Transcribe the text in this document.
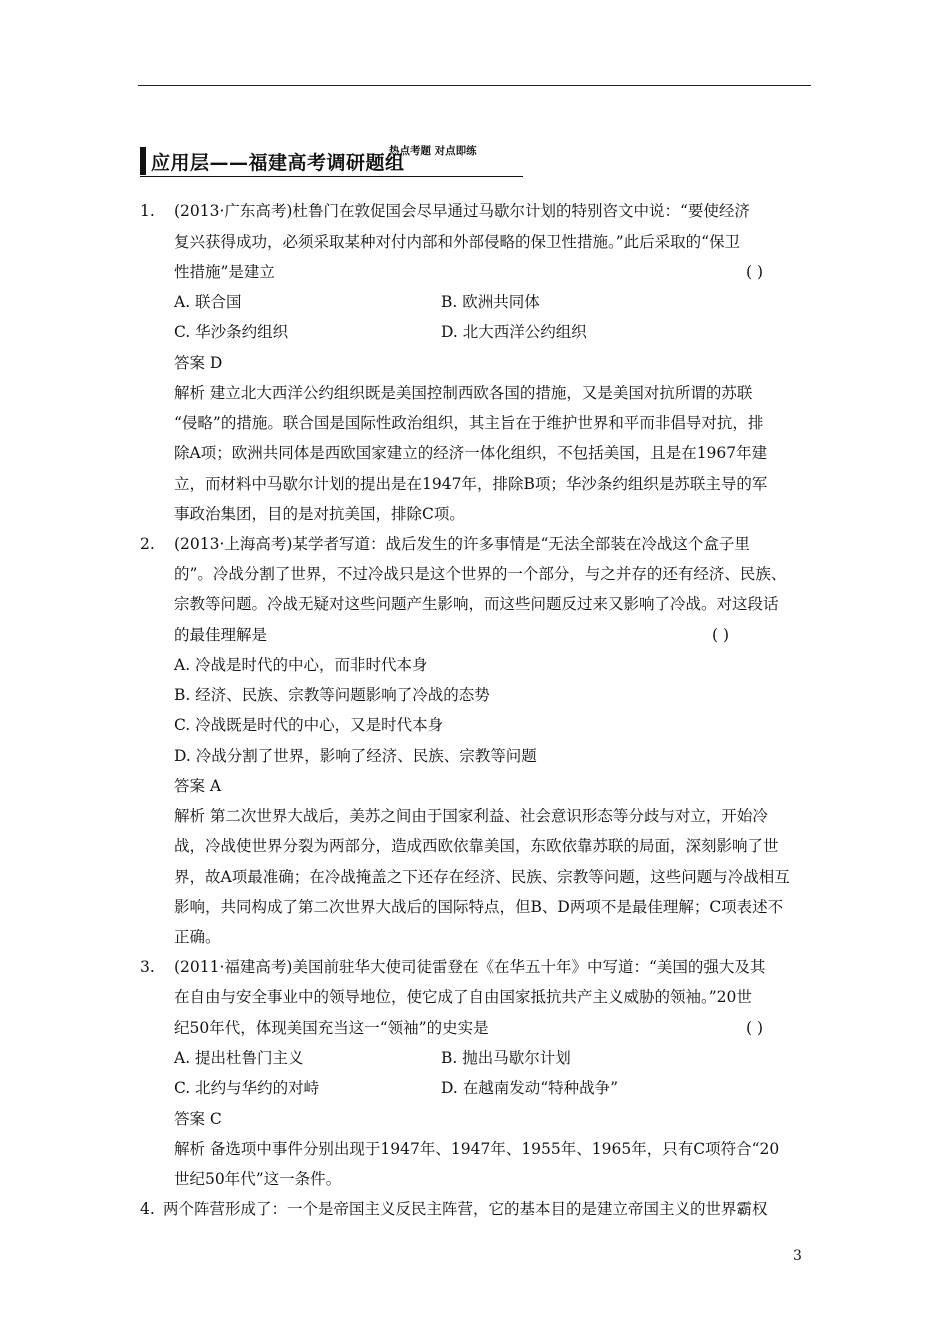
应用层——福建高考调研题组
热点考题 对点即练
1. (2013·广东高考)杜鲁门在敦促国会尽早通过马歇尔计划的特别咨文中说：“要使经济
复兴获得成功，必须采取某种对付内部和外部侵略的保卫性措施。”此后采取的“保卫
性措施”是建立	( )
A. 联合国	B. 欧洲共同体
C. 华沙条约组织	D. 北大西洋公约组织
答案 D
解析 建立北大西洋公约组织既是美国控制西欧各国的措施，又是美国对抗所谓的苏联
“侵略”的措施。联合国是国际性政治组织，其主旨在于维护世界和平而非倡导对抗，排
除A项；欧洲共同体是西欧国家建立的经济一体化组织，不包括美国，且是在1967年建
立，而材料中马歇尔计划的提出是在1947年，排除B项；华沙条约组织是苏联主导的军
事政治集团，目的是对抗美国，排除C项。
2. (2013·上海高考)某学者写道：战后发生的许多事情是“无法全部装在冷战这个盒子里
的”。冷战分割了世界，不过冷战只是这个世界的一个部分，与之并存的还有经济、民族、
宗教等问题。冷战无疑对这些问题产生影响，而这些问题反过来又影响了冷战。对这段话
的最佳理解是	( )
A. 冷战是时代的中心，而非时代本身
B. 经济、民族、宗教等问题影响了冷战的态势
C. 冷战既是时代的中心，又是时代本身
D. 冷战分割了世界，影响了经济、民族、宗教等问题
答案 A
解析 第二次世界大战后，美苏之间由于国家利益、社会意识形态等分歧与对立，开始冷
战，冷战使世界分裂为两部分，造成西欧依靠美国，东欧依靠苏联的局面，深刻影响了世
界，故A项最准确；在冷战掩盖之下还存在经济、民族、宗教等问题，这些问题与冷战相互
影响，共同构成了第二次世界大战后的国际特点，但B、D两项不是最佳理解；C项表述不
正确。
3. (2011·福建高考)美国前驻华大使司徒雷登在《在华五十年》中写道：“美国的强大及其
在自由与安全事业中的领导地位，使它成了自由国家抵抗共产主义威胁的领袖。”20世
纪50年代，体现美国充当这一“领袖”的史实是	( )
A. 提出杜鲁门主义	B. 抛出马歇尔计划
C. 北约与华约的对峙	D. 在越南发动“特种战争”
答案 C
解析 备选项中事件分别出现于1947年、1947年、1955年、1965年，只有C项符合“20
世纪50年代”这一条件。
4. 两个阵营形成了：一个是帝国主义反民主阵营，它的基本目的是建立帝国主义的世界霸权
3
